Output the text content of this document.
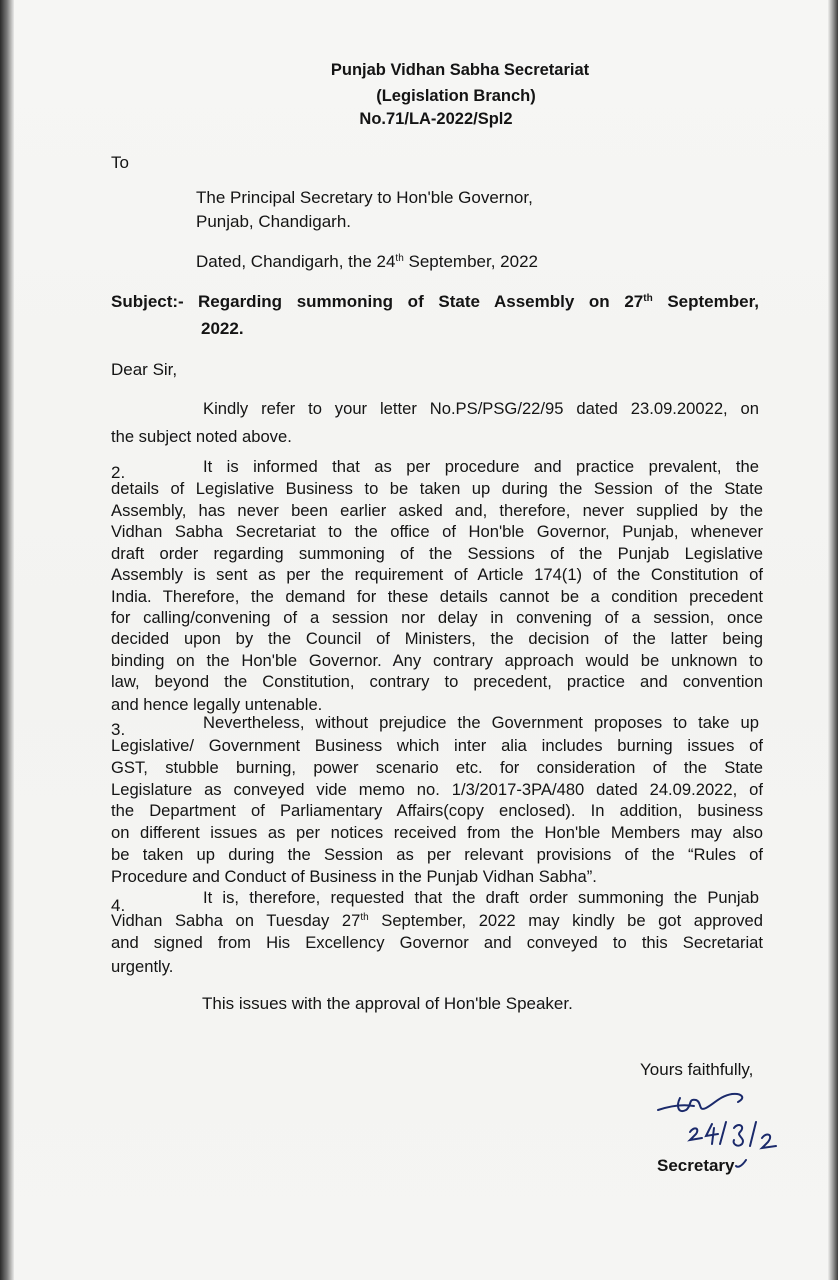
Punjab Vidhan Sabha Secretariat
(Legislation Branch)
No.71/LA-2022/Spl2
To
The Principal Secretary to Hon'ble Governor,
Punjab, Chandigarh.
Dated, Chandigarh, the 24th September, 2022
Subject:- Regarding summoning of State Assembly on 27th September,
2022.
Dear Sir,
Kindly refer to your letter No.PS/PSG/22/95 dated 23.09.20022, on
the subject noted above.
2.	It is informed that as per procedure and practice prevalent, the
details of Legislative Business to be taken up during the Session of the State
Assembly, has never been earlier asked and, therefore, never supplied by the
Vidhan Sabha Secretariat to the office of Hon'ble Governor, Punjab, whenever
draft order regarding summoning of the Sessions of the Punjab Legislative
Assembly is sent as per the requirement of Article 174(1) of the Constitution of
India. Therefore, the demand for these details cannot be a condition precedent
for calling/convening of a session nor delay in convening of a session, once
decided upon by the Council of Ministers, the decision of the latter being
binding on the Hon'ble Governor. Any contrary approach would be unknown to
law, beyond the Constitution, contrary to precedent, practice and convention
and hence legally untenable.
3.	Nevertheless, without prejudice the Government proposes to take up
Legislative/ Government Business which inter alia includes burning issues of
GST, stubble burning, power scenario etc. for consideration of the State
Legislature as conveyed vide memo no. 1/3/2017-3PA/480 dated 24.09.2022, of
the Department of Parliamentary Affairs(copy enclosed). In addition, business
on different issues as per notices received from the Hon'ble Members may also
be taken up during the Session as per relevant provisions of the “Rules of
Procedure and Conduct of Business in the Punjab Vidhan Sabha”.
4.	It is, therefore, requested that the draft order summoning the Punjab
Vidhan Sabha on Tuesday 27th September, 2022 may kindly be got approved
and signed from His Excellency Governor and conveyed to this Secretariat
urgently.
This issues with the approval of Hon'ble Speaker.
Yours faithfully,
Secretary
